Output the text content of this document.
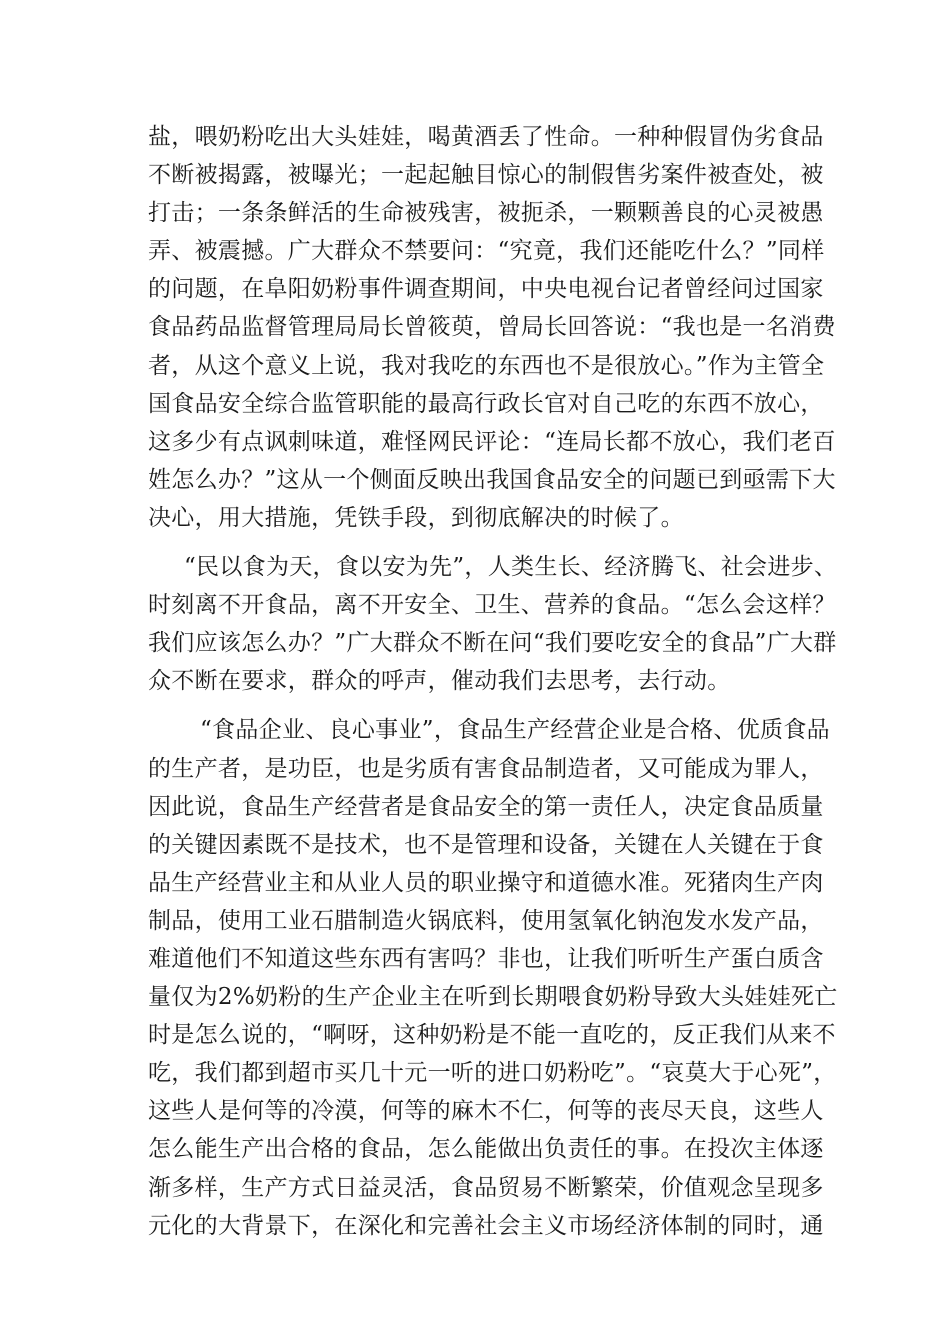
盐，喂奶粉吃出大头娃娃，喝黄酒丢了性命。一种种假冒伪劣食品
不断被揭露，被曝光；一起起触目惊心的制假售劣案件被查处，被
打击；一条条鲜活的生命被残害，被扼杀，一颗颗善良的心灵被愚
弄、被震撼。广大群众不禁要问：“究竟，我们还能吃什么？”同样
的问题，在阜阳奶粉事件调查期间，中央电视台记者曾经问过国家
食品药品监督管理局局长曾筱萸，曾局长回答说：“我也是一名消费
者，从这个意义上说，我对我吃的东西也不是很放心。”作为主管全
国食品安全综合监管职能的最高行政长官对自己吃的东西不放心，
这多少有点讽刺味道，难怪网民评论：“连局长都不放心，我们老百
姓怎么办？”这从一个侧面反映出我国食品安全的问题已到亟需下大
决心，用大措施，凭铁手段，到彻底解决的时候了。
“民以食为天，食以安为先”，人类生长、经济腾飞、社会进步、
时刻离不开食品，离不开安全、卫生、营养的食品。“怎么会这样？
我们应该怎么办？”广大群众不断在问“我们要吃安全的食品”广大群
众不断在要求，群众的呼声，催动我们去思考，去行动。
“食品企业、良心事业”，食品生产经营企业是合格、优质食品
的生产者，是功臣，也是劣质有害食品制造者，又可能成为罪人，
因此说，食品生产经营者是食品安全的第一责任人，决定食品质量
的关键因素既不是技术，也不是管理和设备，关键在人关键在于食
品生产经营业主和从业人员的职业操守和道德水准。死猪肉生产肉
制品，使用工业石腊制造火锅底料，使用氢氧化钠泡发水发产品，
难道他们不知道这些东西有害吗？非也，让我们听听生产蛋白质含
量仅为2%奶粉的生产企业主在听到长期喂食奶粉导致大头娃娃死亡
时是怎么说的，“啊呀，这种奶粉是不能一直吃的，反正我们从来不
吃，我们都到超市买几十元一听的进口奶粉吃”。“哀莫大于心死”，
这些人是何等的冷漠，何等的麻木不仁，何等的丧尽天良，这些人
怎么能生产出合格的食品，怎么能做出负责任的事。在投次主体逐
渐多样，生产方式日益灵活，食品贸易不断繁荣，价值观念呈现多
元化的大背景下，在深化和完善社会主义市场经济体制的同时，通
